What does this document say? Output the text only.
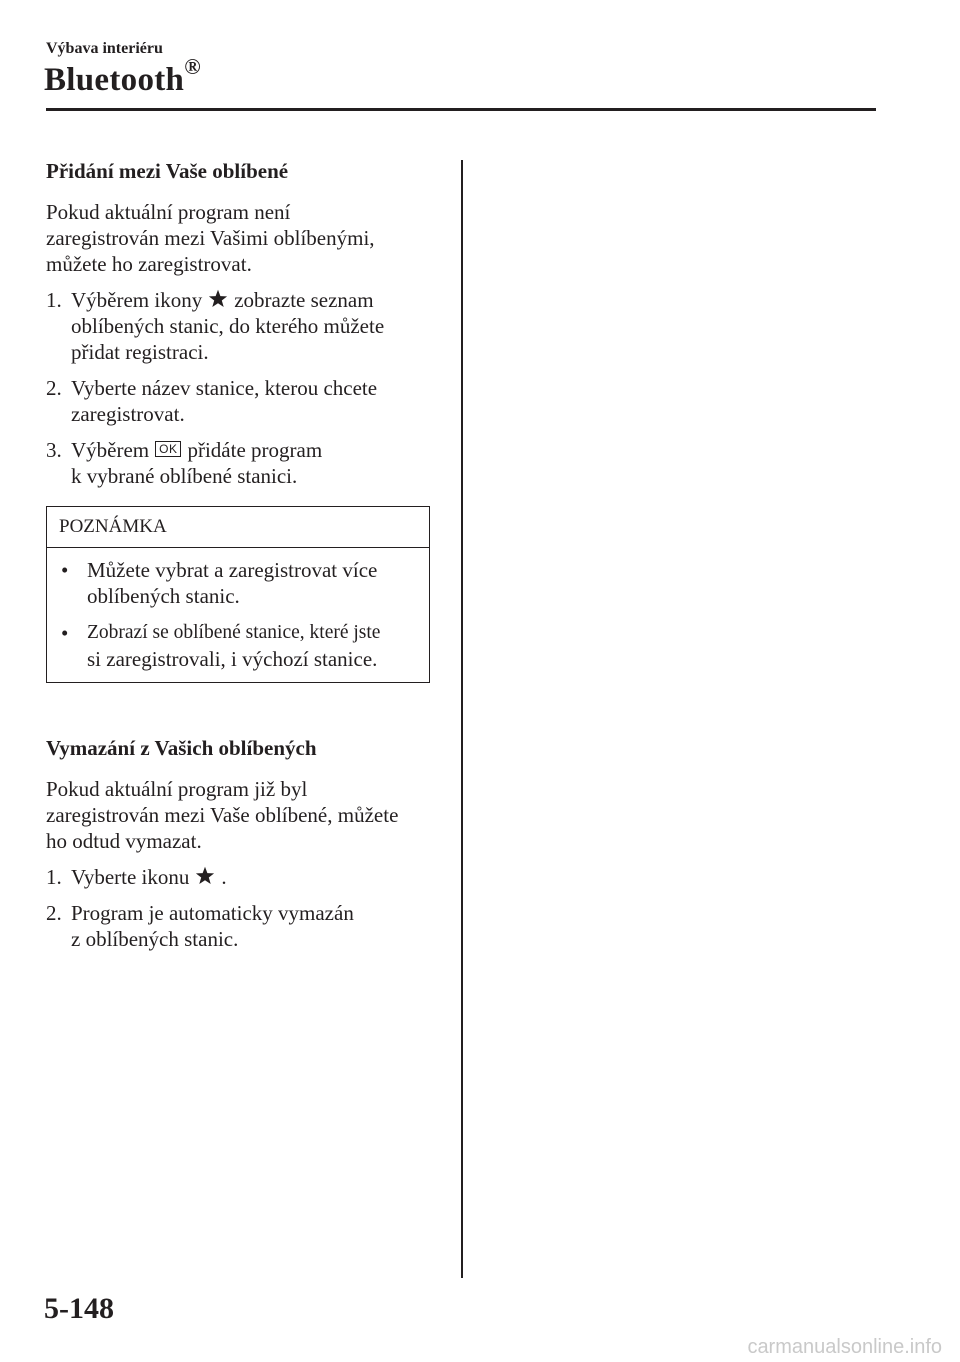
Výbava interiéru
Bluetooth®
Přidání mezi Vaše oblíbené

Pokud aktuální program není

zaregistrován mezi Vašimi oblíbenými,

můžete ho zaregistrovat.

1. Výběrem ikony zobrazte seznam
oblíbených stanic, do kterého můžete
přidat registraci.
2. Vyberte název stanice, kterou chcete
zaregistrovat.
3. Výběrem OK přidáte program
k vybrané oblíbené stanici.
POZNÁMKA
• Můžete vybrat a zaregistrovat více
oblíbených stanic.
• Zobrazí se oblíbené stanice, které jste
si zaregistrovali, i výchozí stanice.
Vymazání z Vašich oblíbených

Pokud aktuální program již byl

zaregistrován mezi Vaše oblíbené, můžete

ho odtud vymazat.

1. Vyberte ikonu .
2. Program je automaticky vymazán
z oblíbených stanic.
5-148
carmanualsonline.info
